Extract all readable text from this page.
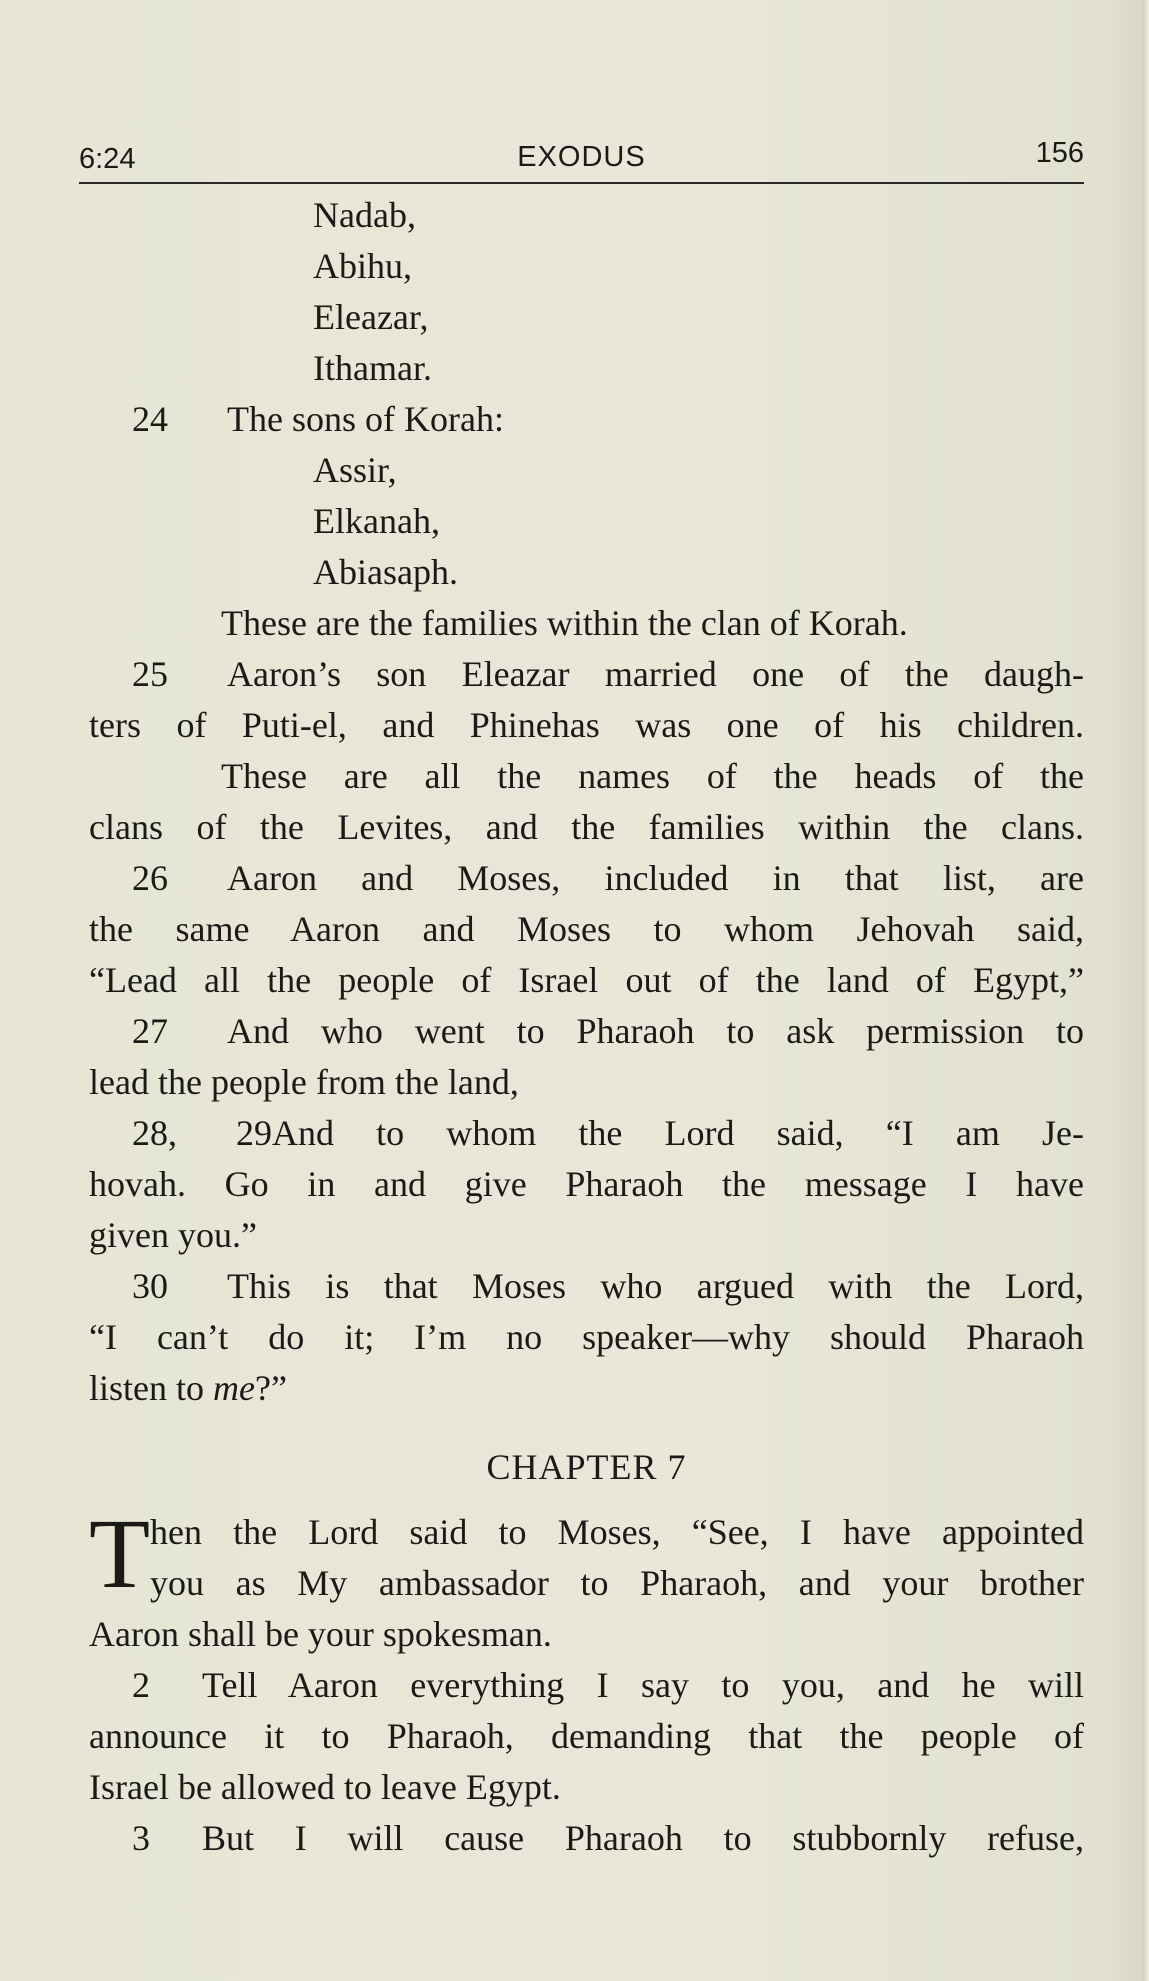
6:24	EXODUS	156
Nadab,
Abihu,
Eleazar,
Ithamar.
24 The sons of Korah:
Assir,
Elkanah,
Abiasaph.
These are the families within the clan of Korah.
25 Aaron’s son Eleazar married one of the daugh-
ters of Puti-el, and Phinehas was one of his children.
These are all the names of the heads of the
clans of the Levites, and the families within the clans.
26 Aaron and Moses, included in that list, are
the same Aaron and Moses to whom Jehovah said,
“Lead all the people of Israel out of the land of Egypt,”
27 And who went to Pharaoh to ask permission to
lead the people from the land,
28, 29And to whom the Lord said, “I am Je-
hovah. Go in and give Pharaoh the message I have
given you.”
30 This is that Moses who argued with the Lord,
“I can’t do it; I’m no speaker—why should Pharaoh
listen to me?”
CHAPTER 7
T hen the Lord said to Moses, “See, I have appointed
you as My ambassador to Pharaoh, and your brother
Aaron shall be your spokesman.
2 Tell Aaron everything I say to you, and he will
announce it to Pharaoh, demanding that the people of
Israel be allowed to leave Egypt.
3 But I will cause Pharaoh to stubbornly refuse,
